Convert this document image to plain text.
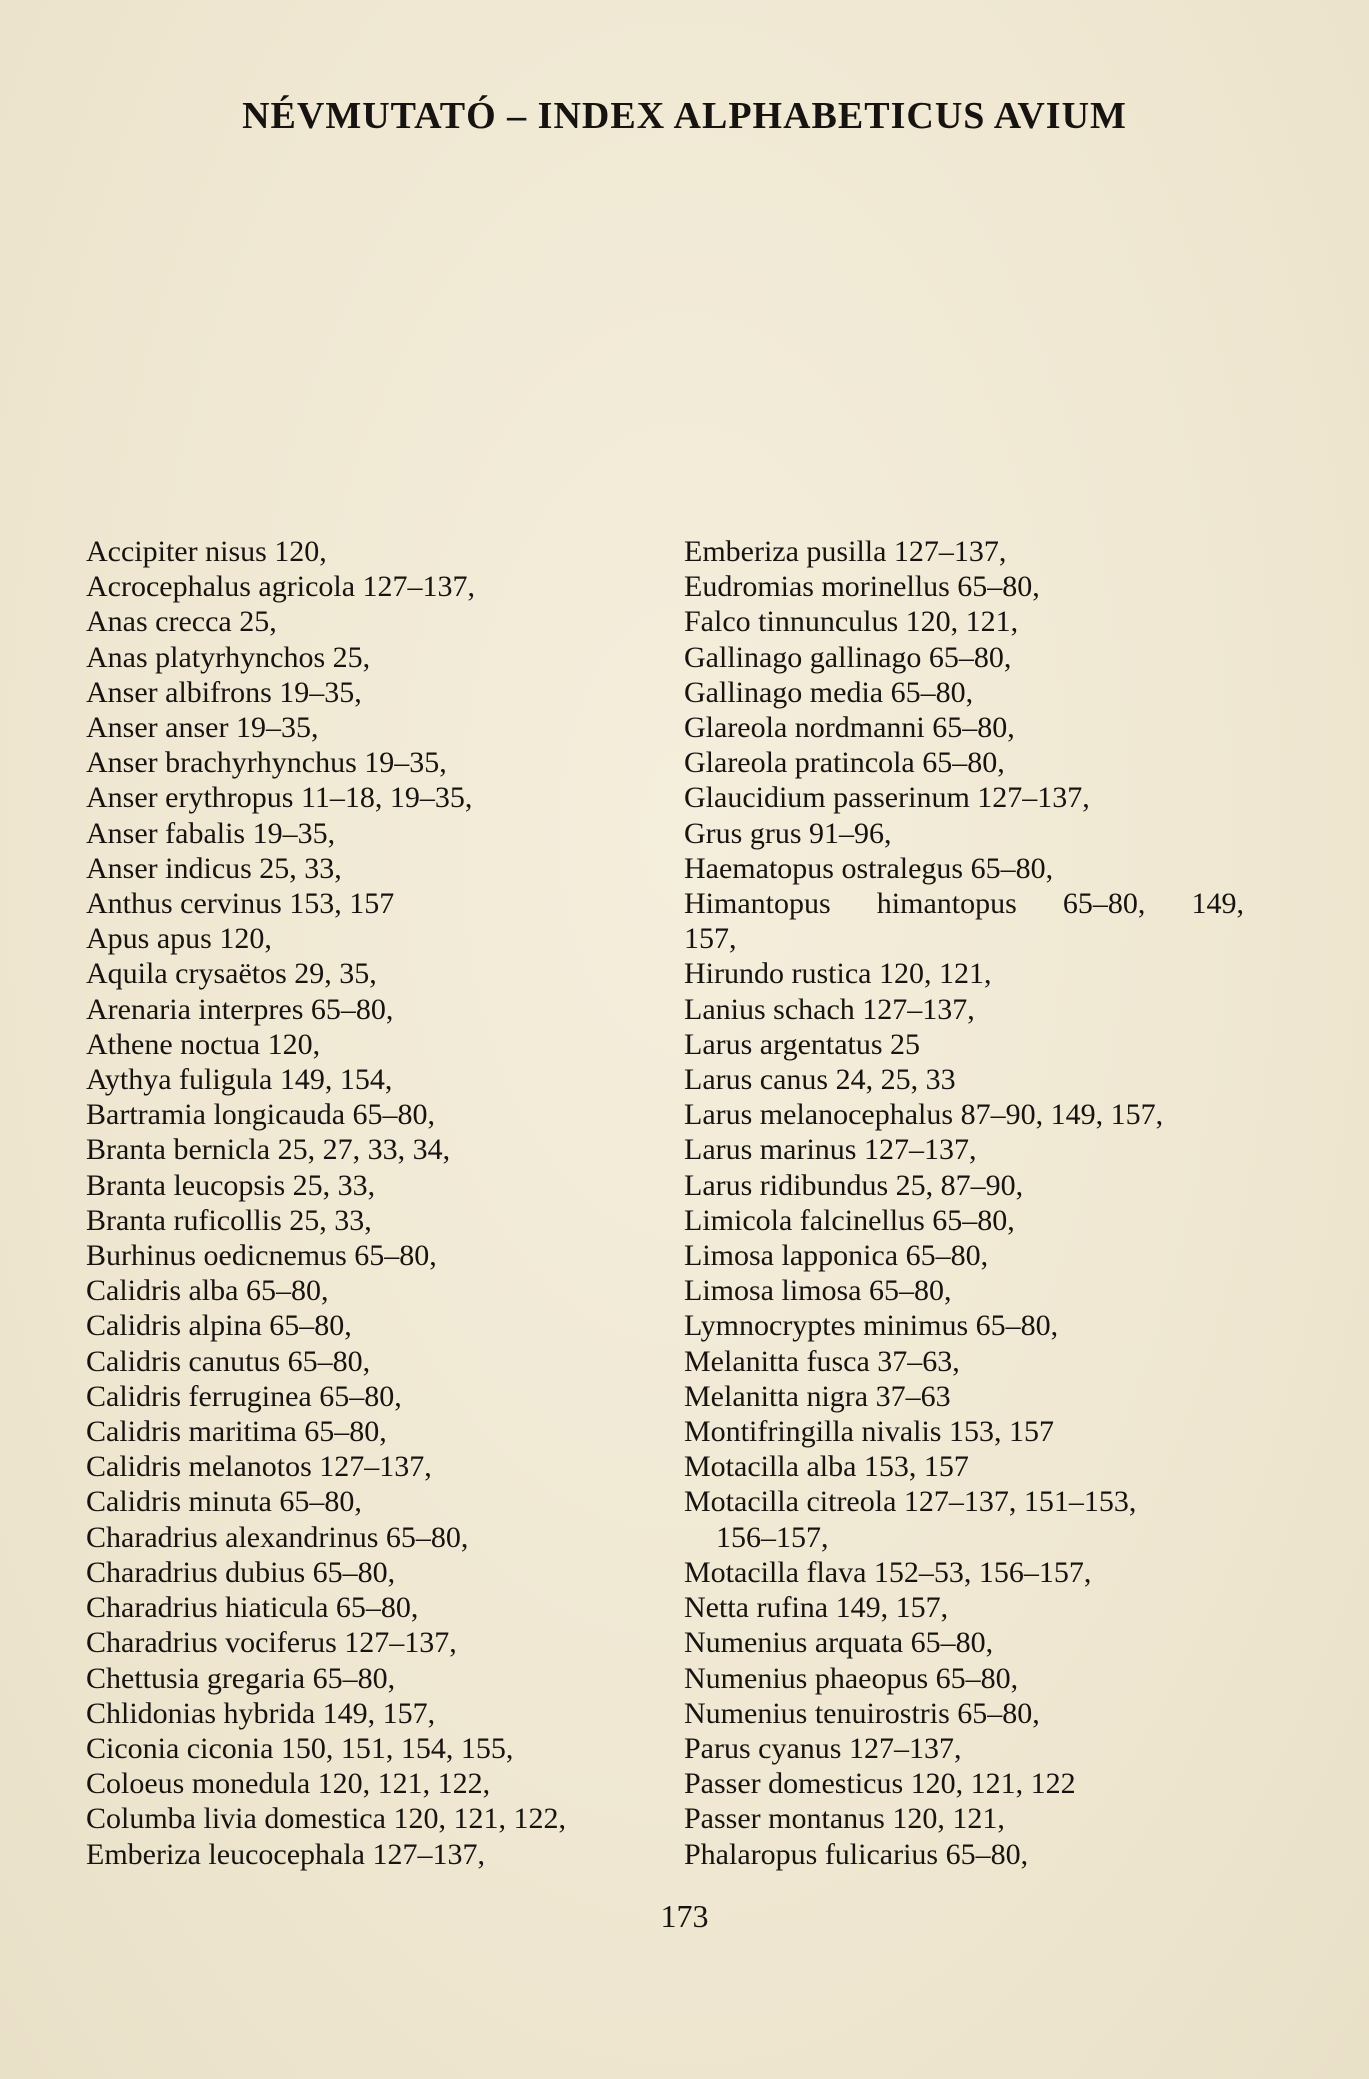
NÉVMUTATÓ – INDEX ALPHABETICUS AVIUM
Accipiter nisus 120,
Acrocephalus agricola 127–137,
Anas crecca 25,
Anas platyrhynchos 25,
Anser albifrons 19–35,
Anser anser 19–35,
Anser brachyrhynchus 19–35,
Anser erythropus 11–18, 19–35,
Anser fabalis 19–35,
Anser indicus 25, 33,
Anthus cervinus 153, 157
Apus apus 120,
Aquila crysaëtos 29, 35,
Arenaria interpres 65–80,
Athene noctua 120,
Aythya fuligula 149, 154,
Bartramia longicauda 65–80,
Branta bernicla 25, 27, 33, 34,
Branta leucopsis 25, 33,
Branta ruficollis 25, 33,
Burhinus oedicnemus 65–80,
Calidris alba 65–80,
Calidris alpina 65–80,
Calidris canutus 65–80,
Calidris ferruginea 65–80,
Calidris maritima 65–80,
Calidris melanotos 127–137,
Calidris minuta 65–80,
Charadrius alexandrinus 65–80,
Charadrius dubius 65–80,
Charadrius hiaticula 65–80,
Charadrius vociferus 127–137,
Chettusia gregaria 65–80,
Chlidonias hybrida 149, 157,
Ciconia ciconia 150, 151, 154, 155,
Coloeus monedula 120, 121, 122,
Columba livia domestica 120, 121, 122,
Emberiza leucocephala 127–137,
Emberiza pusilla 127–137,
Eudromias morinellus 65–80,
Falco tinnunculus 120, 121,
Gallinago gallinago 65–80,
Gallinago media 65–80,
Glareola nordmanni 65–80,
Glareola pratincola 65–80,
Glaucidium passerinum 127–137,
Grus grus 91–96,
Haematopus ostralegus 65–80,
Himantopus himantopus 65–80, 149,
157,
Hirundo rustica 120, 121,
Lanius schach 127–137,
Larus argentatus 25
Larus canus 24, 25, 33
Larus melanocephalus 87–90, 149, 157,
Larus marinus 127–137,
Larus ridibundus 25, 87–90,
Limicola falcinellus 65–80,
Limosa lapponica 65–80,
Limosa limosa 65–80,
Lymnocryptes minimus 65–80,
Melanitta fusca 37–63,
Melanitta nigra 37–63
Montifringilla nivalis 153, 157
Motacilla alba 153, 157
Motacilla citreola 127–137, 151–153,
156–157,
Motacilla flava 152–53, 156–157,
Netta rufina 149, 157,
Numenius arquata 65–80,
Numenius phaeopus 65–80,
Numenius tenuirostris 65–80,
Parus cyanus 127–137,
Passer domesticus 120, 121, 122
Passer montanus 120, 121,
Phalaropus fulicarius 65–80,
173
